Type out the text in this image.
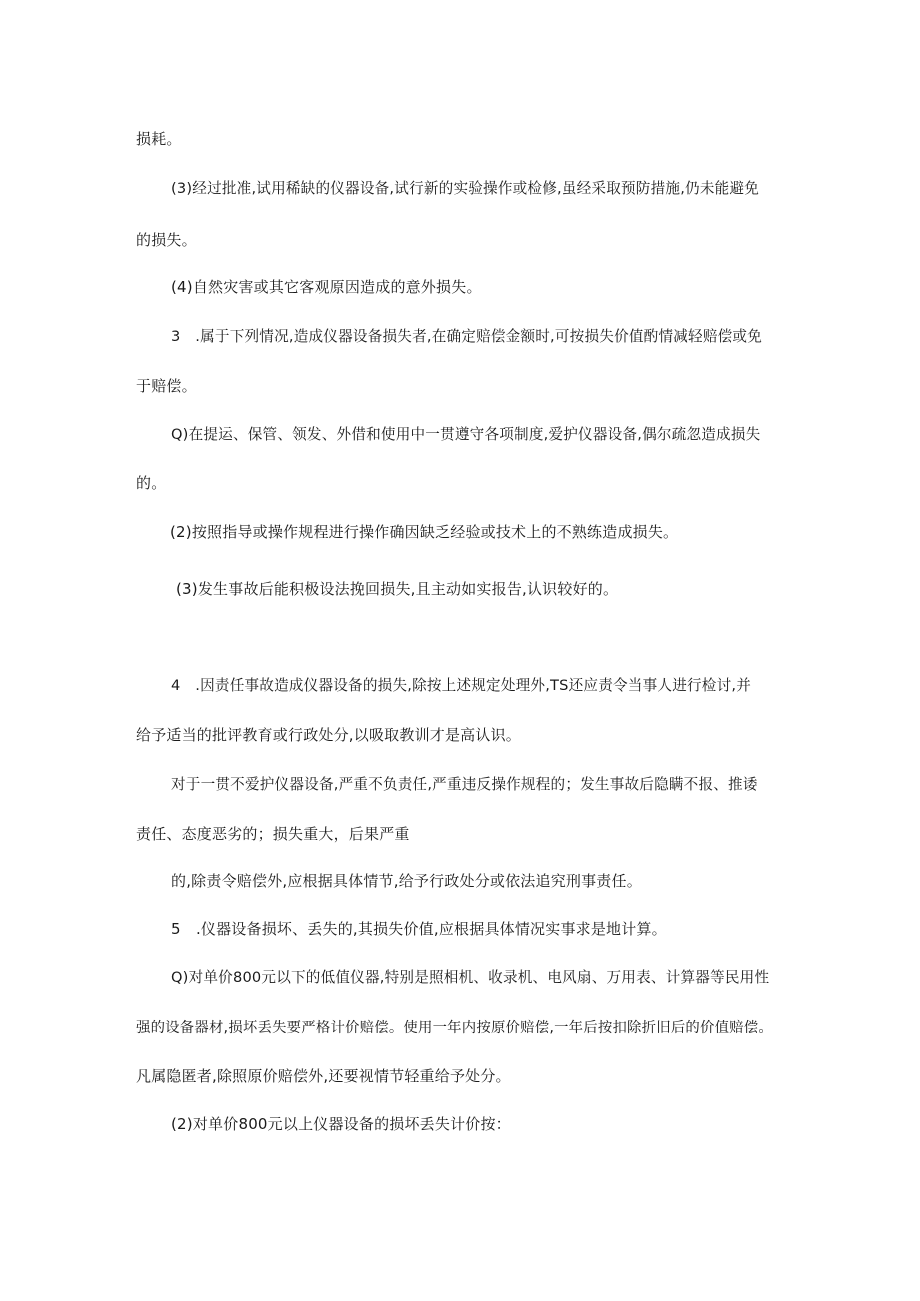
损耗。
(3)经过批准,试用稀缺的仪器设备,试行新的实验操作或检修,虽经采取预防措施,仍未能避免
的损失。
(4)自然灾害或其它客观原因造成的意外损失。
3　.属于下列情况,造成仪器设备损失者,在确定赔偿金额时,可按损失价值酌情减轻赔偿或免
于赔偿。
Q)在提运、保管、领发、外借和使用中一贯遵守各项制度,爱护仪器设备,偶尔疏忽造成损失
的。
(2)按照指导或操作规程进行操作确因缺乏经验或技术上的不熟练造成损失。
(3)发生事故后能积极设法挽回损失,且主动如实报告,认识较好的。
4　.因责任事故造成仪器设备的损失,除按上述规定处理外,TS还应责令当事人进行检讨,并
给予适当的批评教育或行政处分,以吸取教训才是高认识。
对于一贯不爱护仪器设备,严重不负责任,严重违反操作规程的；发生事故后隐瞒不报、推诿
责任、态度恶劣的；损失重大，后果严重
的,除责令赔偿外,应根据具体情节,给予行政处分或依法追究刑事责任。
5　.仪器设备损坏、丢失的,其损失价值,应根据具体情况实事求是地计算。
Q)对单价800元以下的低值仪器,特别是照相机、收录机、电风扇、万用表、计算器等民用性
强的设备器材,损坏丢失要严格计价赔偿。使用一年内按原价赔偿,一年后按扣除折旧后的价值赔偿。
凡属隐匿者,除照原价赔偿外,还要视情节轻重给予处分。
(2)对单价800元以上仪器设备的损坏丢失计价按：
